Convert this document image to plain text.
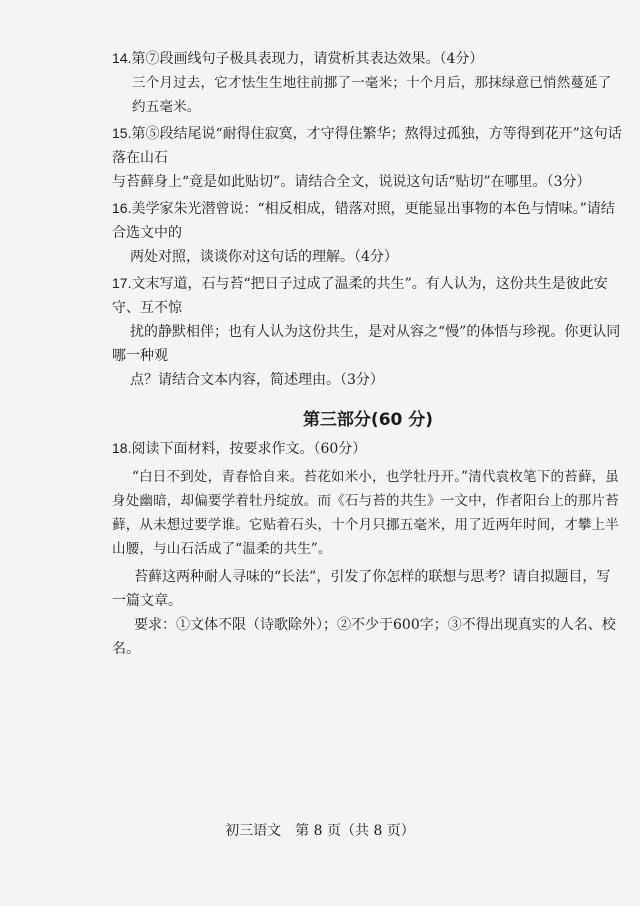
14.第⑦段画线句子极具表现力，请赏析其表达效果。（4分）

三个月过去，它才怯生生地往前挪了一毫米；十个月后，那抹绿意已悄然蔓延了约五毫米。

15.第⑤段结尾说“耐得住寂寞，才守得住繁华；熬得过孤独，方等得到花开”这句话落在山石

与苔藓身上“竟是如此贴切”。请结合全文，说说这句话“贴切”在哪里。（3分）

16.美学家朱光潜曾说：“相反相成，错落对照，更能显出事物的本色与情味。”请结合选文中的

两处对照，谈谈你对这句话的理解。（4分）

17.文末写道，石与苔“把日子过成了温柔的共生”。有人认为，这份共生是彼此安守、互不惊

扰的静默相伴；也有人认为这份共生，是对从容之“慢”的体悟与珍视。你更认同哪一种观

点？请结合文本内容，简述理由。（3分）

第三部分(60 分)

18.阅读下面材料，按要求作文。（60分）

“白日不到处，青春恰自来。苔花如米小，也学牡丹开。”清代袁枚笔下的苔藓，虽身处幽暗，却偏要学着牡丹绽放。而《石与苔的共生》一文中，作者阳台上的那片苔藓，从未想过要学谁。它贴着石头，十个月只挪五毫米，用了近两年时间，才攀上半山腰，与山石活成了“温柔的共生”。

苔藓这两种耐人寻味的“长法”，引发了你怎样的联想与思考？请自拟题目，写一篇文章。

要求：①文体不限（诗歌除外）；②不少于600字；③不得出现真实的人名、校名。

初三语文　第 8 页（共 8 页）
